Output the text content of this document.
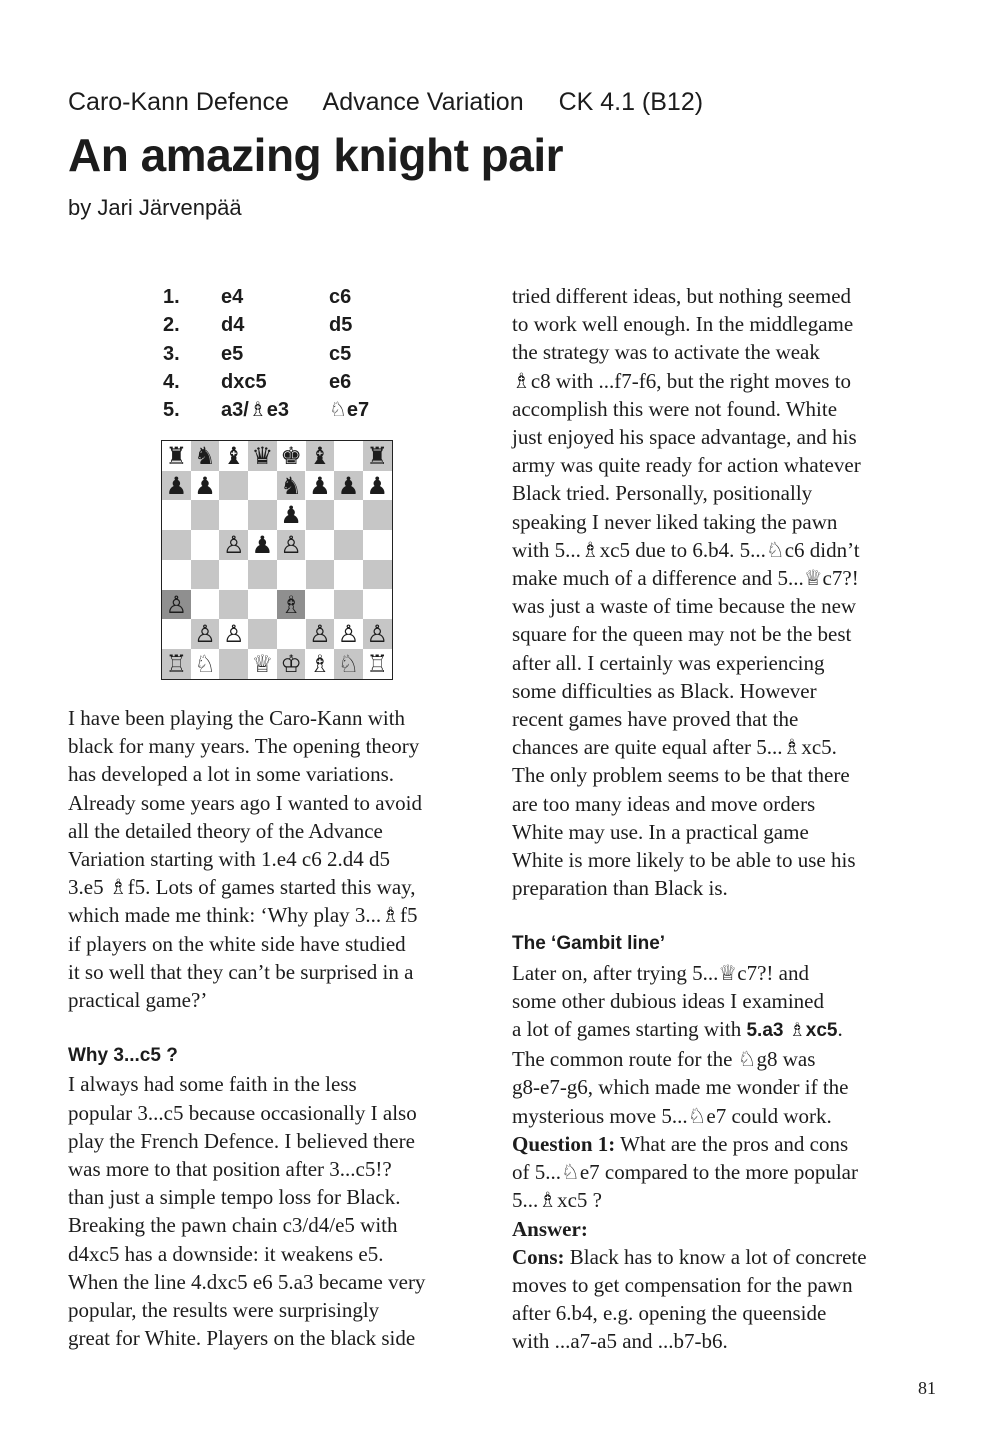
Caro-Kann Defence Advance Variation CK 4.1 (B12)
An amazing knight pair
by Jari Järvenpää
1. e4	c6
2. d4	d5
3. e5	c5
4. dxc5	e6
5. a3/♗e3 ♘e7
♜ ♞ ♝ ♛ ♚ ♝ ♜
♟ ♟	♞ ♟ ♟ ♟
♟
♙ ♟ ♙
♙	♗
♙ ♙	♙ ♙ ♙
♖ ♘ ♕ ♔ ♗ ♘ ♖
I have been playing the Caro-Kann with
black for many years. The opening theory
has developed a lot in some variations.
Already some years ago I wanted to avoid
all the detailed theory of the Advance
Variation starting with 1.e4 c6 2.d4 d5
3.e5 ♗f5. Lots of games started this way,
which made me think: ‘Why play 3...♗f5
if players on the white side have studied
it so well that they can’t be surprised in a
practical game?’
Why 3...c5 ?
I always had some faith in the less
popular 3...c5 because occasionally I also
play the French Defence. I believed there
was more to that position after 3...c5!?
than just a simple tempo loss for Black.
Breaking the pawn chain c3/d4/e5 with
d4xc5 has a downside: it weakens e5.
When the line 4.dxc5 e6 5.a3 became very
popular, the results were surprisingly
great for White. Players on the black side
tried different ideas, but nothing seemed
to work well enough. In the middlegame
the strategy was to activate the weak
♗c8 with ...f7-f6, but the right moves to
accomplish this were not found. White
just enjoyed his space advantage, and his
army was quite ready for action whatever
Black tried. Personally, positionally
speaking I never liked taking the pawn
with 5...♗xc5 due to 6.b4. 5...♘c6 didn’t
make much of a difference and 5...♕c7?!
was just a waste of time because the new
square for the queen may not be the best
after all. I certainly was experiencing
some difficulties as Black. However
recent games have proved that the
chances are quite equal after 5...♗xc5.
The only problem seems to be that there
are too many ideas and move orders
White may use. In a practical game
White is more likely to be able to use his
preparation than Black is.
The ‘Gambit line’
Later on, after trying 5...♕c7?! and
some other dubious ideas I examined
a lot of games starting with 5.a3 ♗xc5.
The common route for the ♘g8 was
g8-e7-g6, which made me wonder if the
mysterious move 5...♘e7 could work.
Question 1: What are the pros and cons
of 5...♘e7 compared to the more popular
5...♗xc5 ?
Answer:
Cons: Black has to know a lot of concrete
moves to get compensation for the pawn
after 6.b4, e.g. opening the queenside
with ...a7-a5 and ...b7-b6.
81
